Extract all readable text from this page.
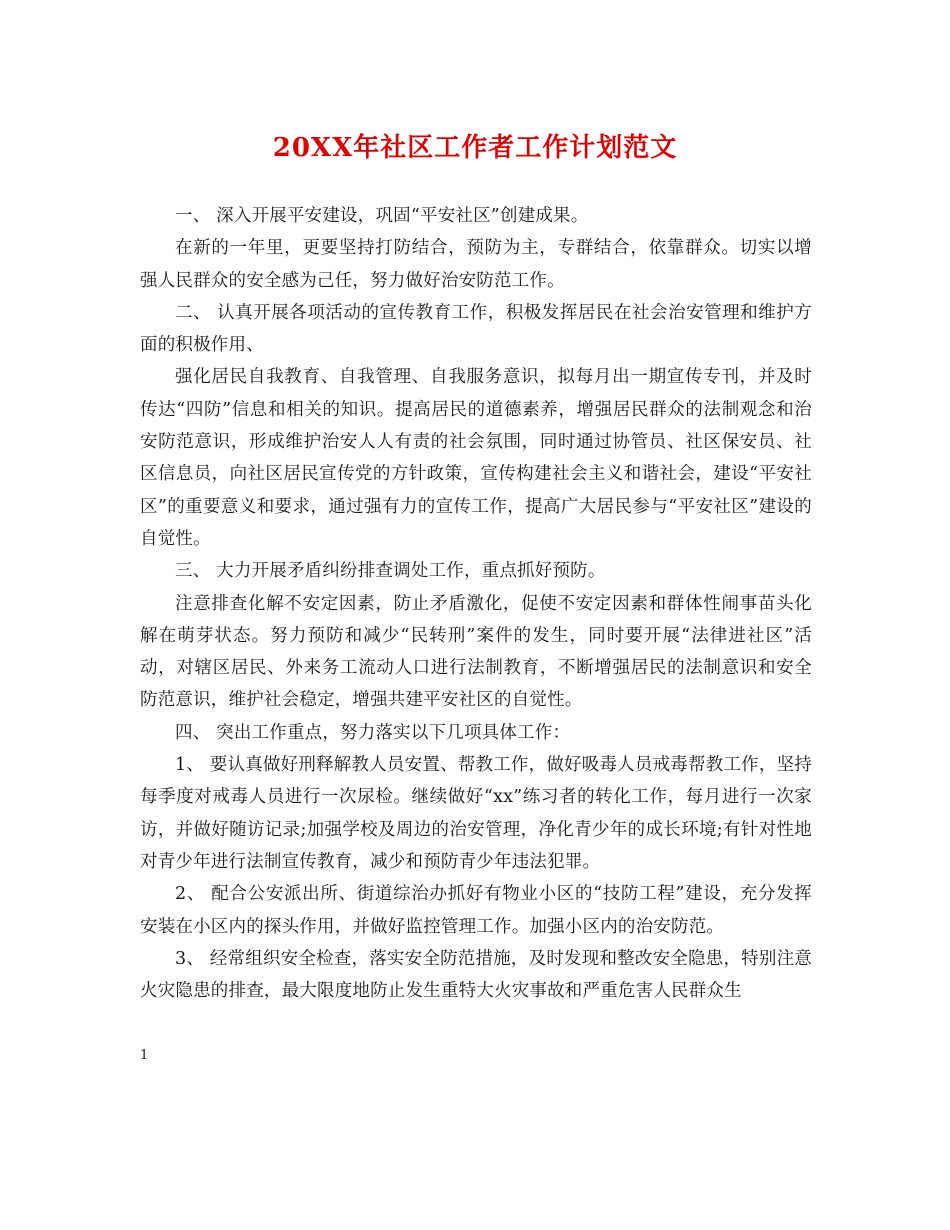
20XX年社区工作者工作计划范文

一、 深入开展平安建设，巩固“平安社区”创建成果。

在新的一年里，更要坚持打防结合，预防为主，专群结合，依靠群众。切实以增强人民群众的安全感为己任，努力做好治安防范工作。

二、 认真开展各项活动的宣传教育工作，积极发挥居民在社会治安管理和维护方面的积极作用、

强化居民自我教育、自我管理、自我服务意识，拟每月出一期宣传专刊，并及时传达“四防”信息和相关的知识。提高居民的道德素养，增强居民群众的法制观念和治安防范意识，形成维护治安人人有责的社会氛围，同时通过协管员、社区保安员、社区信息员，向社区居民宣传党的方针政策，宣传构建社会主义和谐社会，建设“平安社区”的重要意义和要求，通过强有力的宣传工作，提高广大居民参与“平安社区”建设的自觉性。

三、 大力开展矛盾纠纷排查调处工作，重点抓好预防。

注意排查化解不安定因素，防止矛盾激化，促使不安定因素和群体性闹事苗头化解在萌芽状态。努力预防和减少“民转刑”案件的发生，同时要开展“法律进社区”活动，对辖区居民、外来务工流动人口进行法制教育，不断增强居民的法制意识和安全防范意识，维护社会稳定，增强共建平安社区的自觉性。

四、 突出工作重点，努力落实以下几项具体工作：

1、 要认真做好刑释解教人员安置、帮教工作，做好吸毒人员戒毒帮教工作，坚持每季度对戒毒人员进行一次尿检。继续做好“xx”练习者的转化工作，每月进行一次家访，并做好随访记录;加强学校及周边的治安管理，净化青少年的成长环境;有针对性地对青少年进行法制宣传教育，减少和预防青少年违法犯罪。

2、 配合公安派出所、街道综治办抓好有物业小区的“技防工程”建设，充分发挥安装在小区内的探头作用，并做好监控管理工作。加强小区内的治安防范。

3、 经常组织安全检查，落实安全防范措施，及时发现和整改安全隐患，特别注意火灾隐患的排查，最大限度地防止发生重特大火灾事故和严重危害人民群众生

1
